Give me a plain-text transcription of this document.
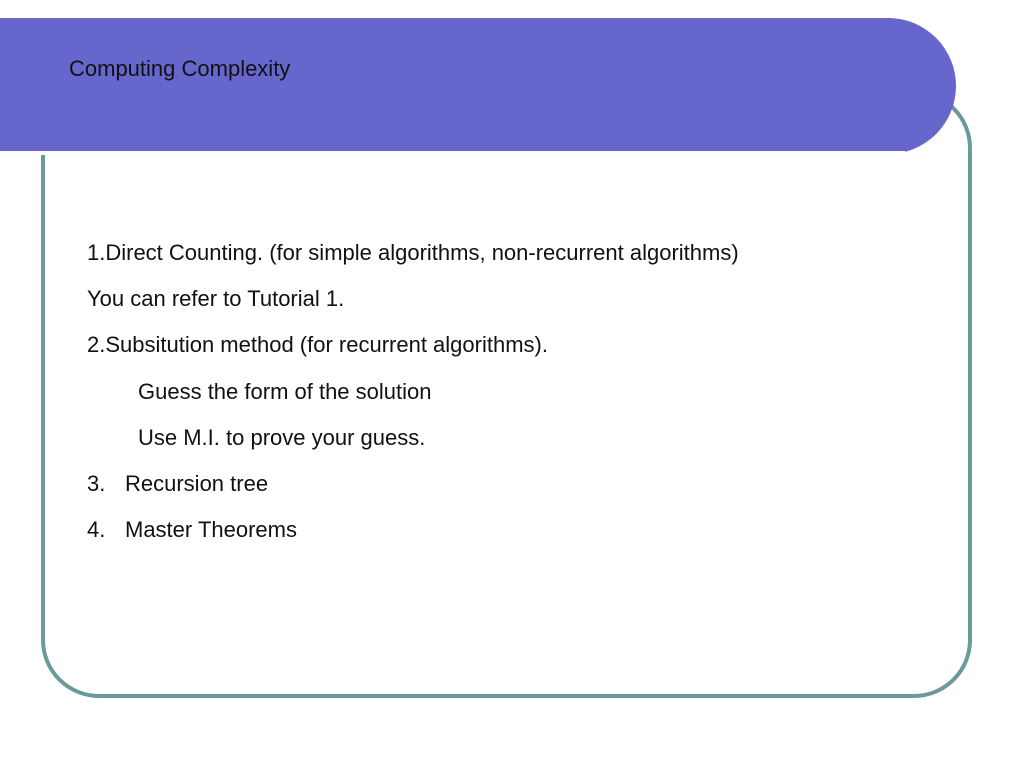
Computing Complexity
1.Direct Counting. (for simple algorithms, non-recurrent algorithms)
You can refer to Tutorial 1.
2.Subsitution method (for recurrent algorithms).
Guess the form of the solution
Use M.I. to prove your guess.
3. Recursion tree
4. Master Theorems
